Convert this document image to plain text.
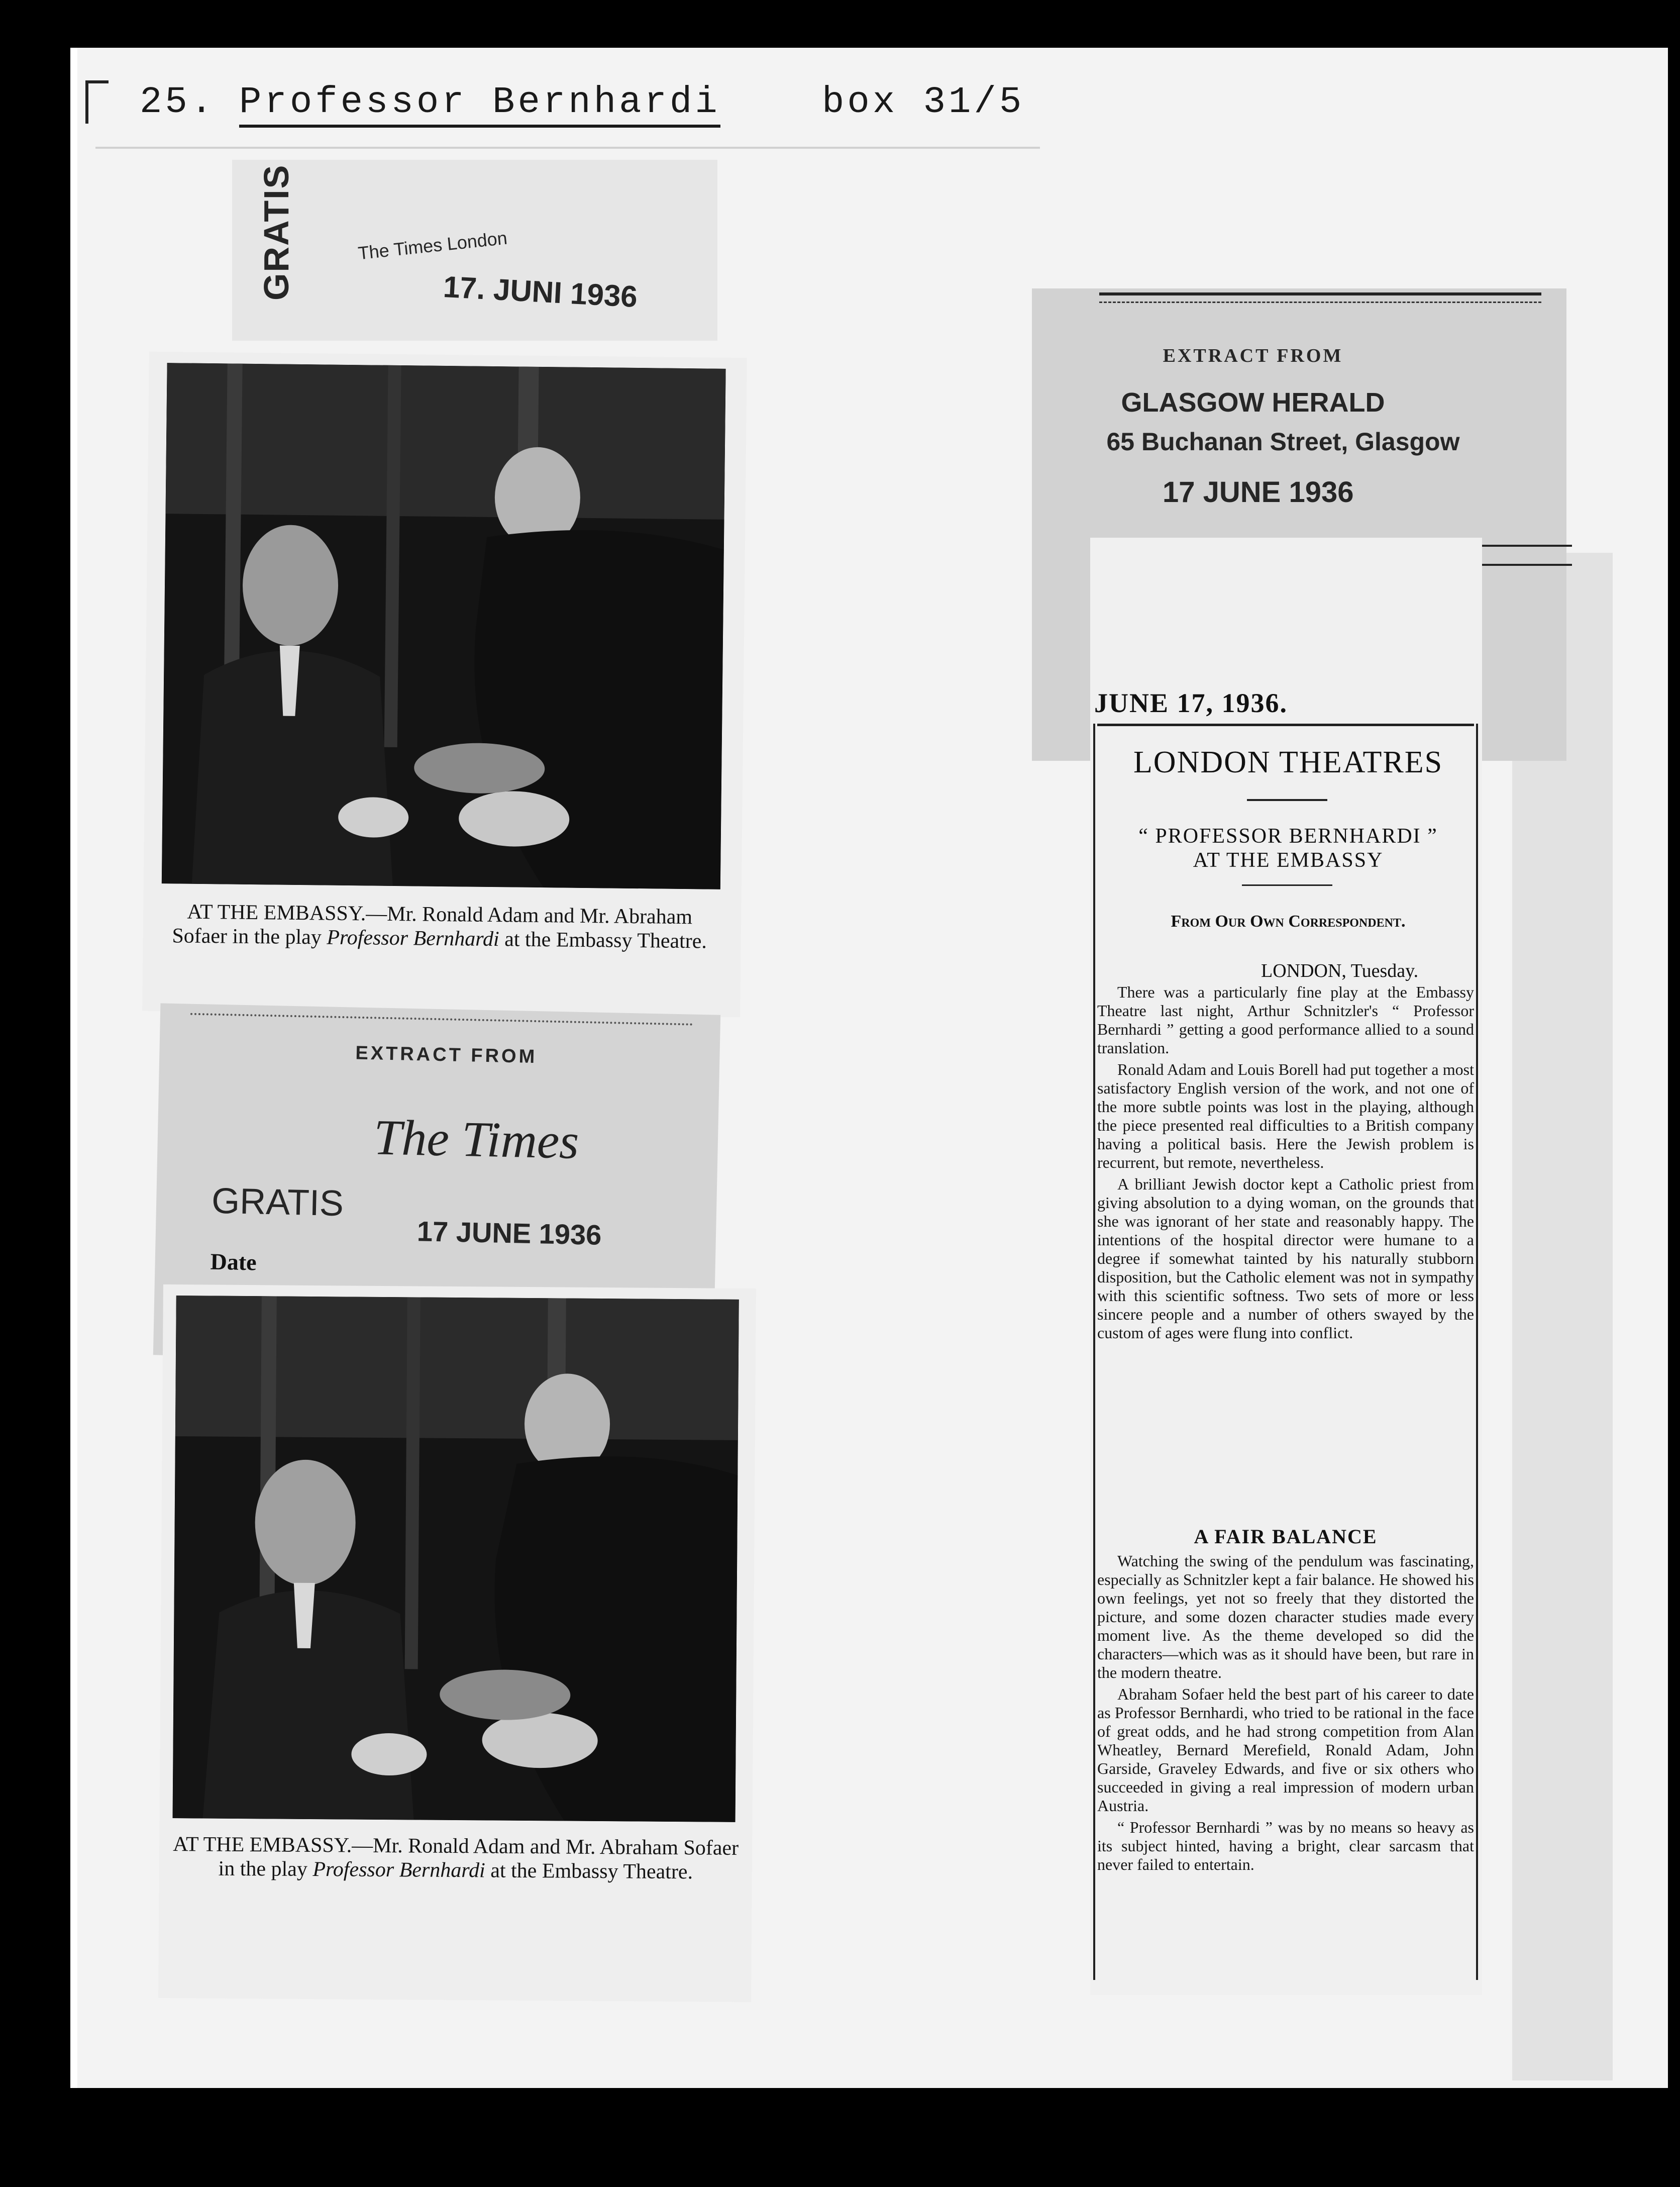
25. Professor Bernhardi	box 31/5
GRATIS	The Times London
17. JUNI 1936
AT THE EMBASSY.—Mr. Ronald Adam and Mr. Abraham Sofaer in the play Professor Bernhardi at the Embassy Theatre.
EXTRACT FROM
The Times
GRATIS
17 JUNE 1936
Date
AT THE EMBASSY.—Mr. Ronald Adam and Mr. Abraham Sofaer in the play Professor Bernhardi at the Embassy Theatre.
EXTRACT FROM
GLASGOW HERALD
65 Buchanan Street, Glasgow
17 JUNE 1936
JUNE 17, 1936.
LONDON THEATRES
“ PROFESSOR BERNHARDI ”
AT THE EMBASSY
From Our Own Correspondent.
LONDON, Tuesday.

There was a particularly fine play at the Embassy Theatre last night, Arthur Schnitzler's “ Professor Bernhardi ” getting a good performance allied to a sound translation.

Ronald Adam and Louis Borell had put together a most satisfactory English version of the work, and not one of the more subtle points was lost in the playing, although the piece presented real difficulties to a British company having a political basis. Here the Jewish problem is recurrent, but remote, nevertheless.

A brilliant Jewish doctor kept a Catholic priest from giving absolution to a dying woman, on the grounds that she was ignorant of her state and reasonably happy. The intentions of the hospital director were humane to a degree if somewhat tainted by his naturally stubborn disposition, but the Catholic element was not in sympathy with this scientific softness. Two sets of more or less sincere people and a number of others swayed by the custom of ages were flung into conflict.

A FAIR BALANCE

Watching the swing of the pendulum was fascinating, especially as Schnitzler kept a fair balance. He showed his own feelings, yet not so freely that they distorted the picture, and some dozen character studies made every moment live. As the theme developed so did the characters—which was as it should have been, but rare in the modern theatre.

Abraham Sofaer held the best part of his career to date as Professor Bernhardi, who tried to be rational in the face of great odds, and he had strong competition from Alan Wheatley, Bernard Merefield, Ronald Adam, John Garside, Graveley Edwards, and five or six others who succeeded in giving a real impression of modern urban Austria.

“ Professor Bernhardi ” was by no means so heavy as its subject hinted, having a bright, clear sarcasm that never failed to entertain.
